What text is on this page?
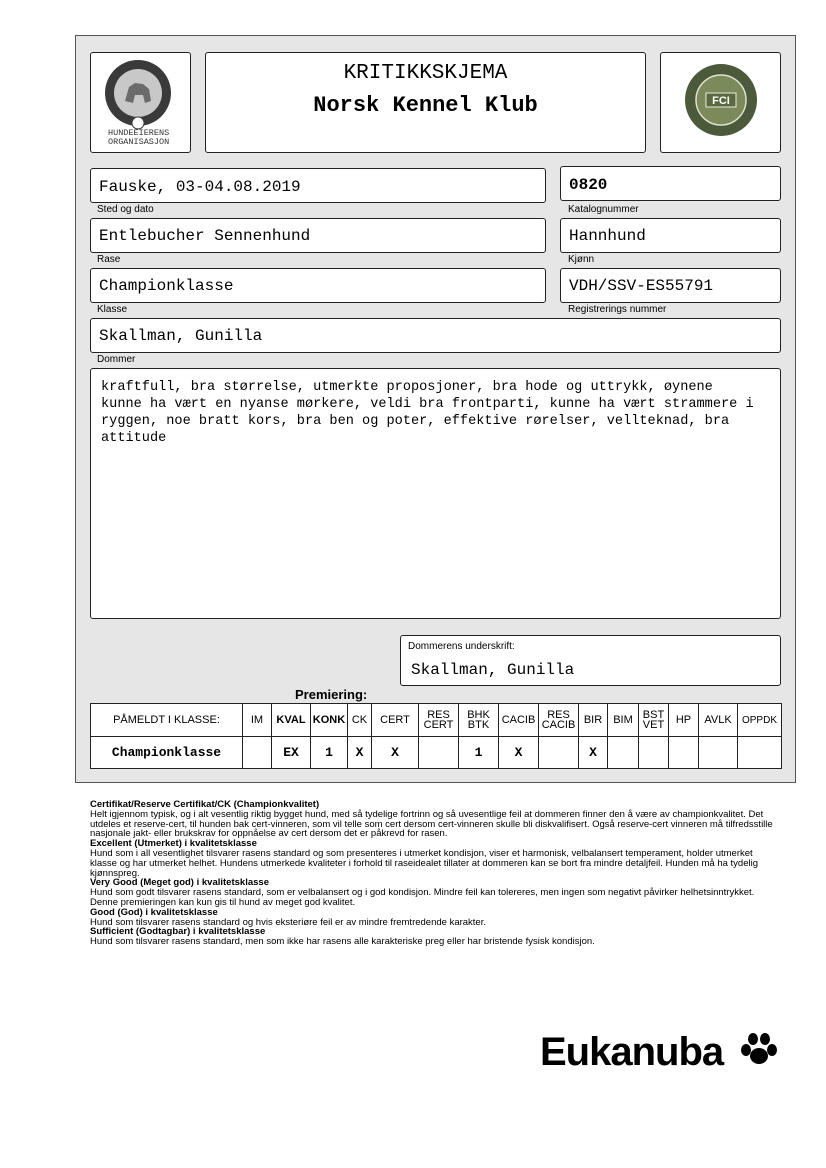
HUNDEEIERENS
ORGANISASJON
KRITIKKSKJEMA
Norsk Kennel Klub	FCI
Fauske, 03-04.08.2019
Sted og dato
0820
Katalognummer
Entlebucher Sennenhund
Rase
Hannhund
Kjønn
Championklasse
Klasse
VDH/SSV-ES55791
Registrerings nummer
Skallman, Gunilla
Dommer
kraftfull, bra størrelse, utmerkte proposjoner, bra hode og uttrykk, øynene
kunne ha vært en nyanse mørkere, veldi bra frontparti, kunne ha vært strammere i
ryggen, noe bratt kors, bra ben og poter, effektive rørelser, vellteknad, bra
attitude
Dommerens underskrift:
Skallman, Gunilla
Premiering:
PÅMELDT I KLASSE:	IM	KVAL	KONK	CK	CERT	RES CERT	BHK BTK	CACIB	RES CACIB	BIR	BIM	BST VET	HP	AVLK	OPPDK
Championklasse		EX	1	X	X		1	X		X					
Certifikat/Reserve Certifikat/CK (Championkvalitet)
Helt igjennom typisk, og i alt vesentlig riktig bygget hund, med så tydelige fortrinn og så uvesentlige feil at dommeren finner den å være av championkvalitet. Det utdeles et reserve-cert, til hunden bak cert-vinneren, som vil telle som cert dersom cert-vinneren skulle bli diskvalifisert. Også reserve-cert vinneren må tilfredsstille nasjonale jakt- eller brukskrav for oppnåelse av cert dersom det er påkrevd for rasen.
Excellent (Utmerket) i kvalitetsklasse
Hund som i all vesentlighet tilsvarer rasens standard og som presenteres i utmerket kondisjon, viser et harmonisk, velbalansert temperament, holder utmerket klasse og har utmerket helhet. Hundens utmerkede kvaliteter i forhold til raseidealet tillater at dommeren kan se bort fra mindre detaljfeil. Hunden må ha tydelig kjønnspreg.
Very Good (Meget god) i kvalitetsklasse
Hund som godt tilsvarer rasens standard, som er velbalansert og i god kondisjon. Mindre feil kan tolereres, men ingen som negativt påvirker helhetsinntrykket. Denne premieringen kan kun gis til hund av meget god kvalitet.
Good (God) i kvalitetsklasse
Hund som tilsvarer rasens standard og hvis eksteriøre feil er av mindre fremtredende karakter.
Sufficient (Godtagbar) i kvalitetsklasse
Hund som tilsvarer rasens standard, men som ikke har rasens alle karakteriske preg eller har bristende fysisk kondisjon.
Eukanuba
